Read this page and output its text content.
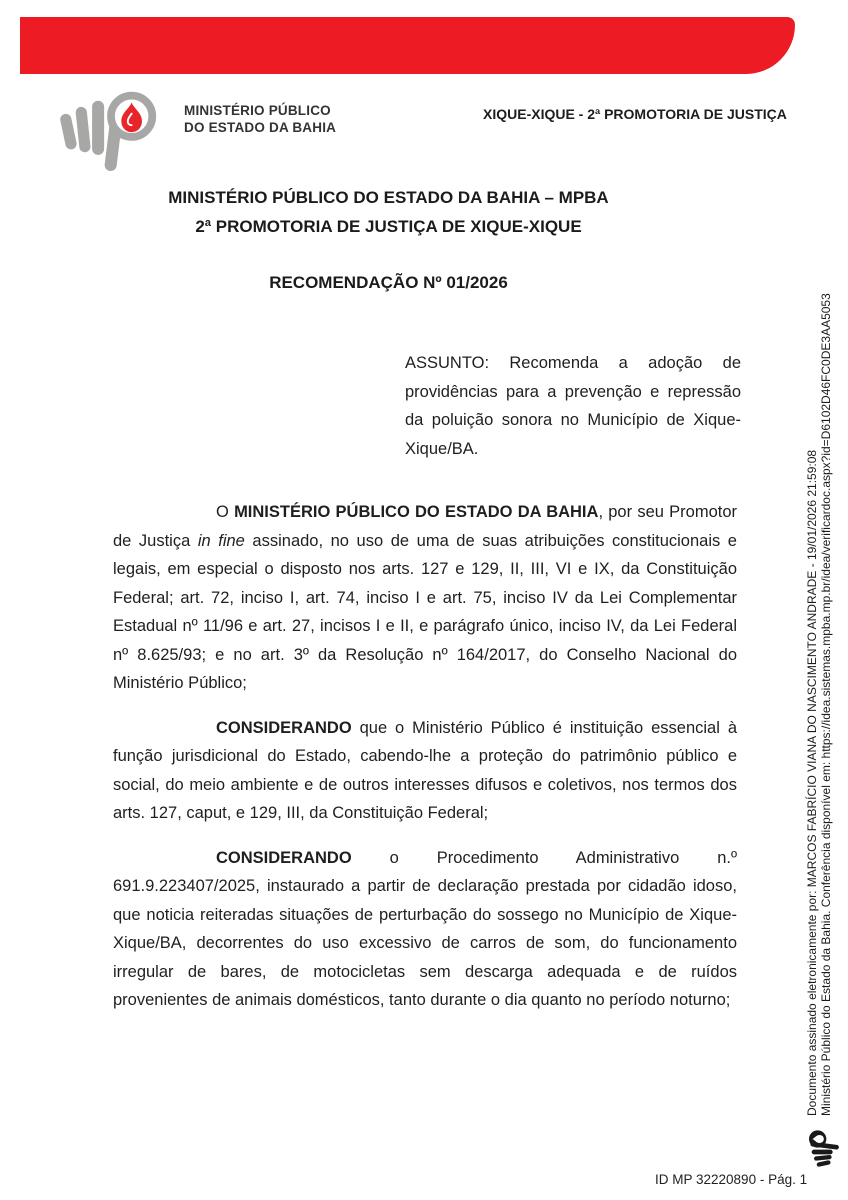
MINISTÉRIO PÚBLICO
DO ESTADO DA BAHIA
XIQUE-XIQUE - 2ª PROMOTORIA DE JUSTIÇA
MINISTÉRIO PÚBLICO DO ESTADO DA BAHIA – MPBA
2ª PROMOTORIA DE JUSTIÇA DE XIQUE-XIQUE
RECOMENDAÇÃO Nº 01/2026
ASSUNTO: Recomenda a adoção de providências para a prevenção e repressão da poluição sonora no Município de Xique-Xique/BA.

O MINISTÉRIO PÚBLICO DO ESTADO DA BAHIA, por seu Promotor de Justiça in fine assinado, no uso de uma de suas atribuições constitucionais e legais, em especial o disposto nos arts. 127 e 129, II, III, VI e IX, da Constituição Federal; art. 72, inciso I, art. 74, inciso I e art. 75, inciso IV da Lei Complementar Estadual nº 11/96 e art. 27, incisos I e II, e parágrafo único, inciso IV, da Lei Federal nº 8.625/93; e no art. 3º da Resolução nº 164/2017, do Conselho Nacional do Ministério Público;

CONSIDERANDO que o Ministério Público é instituição essencial à função jurisdicional do Estado, cabendo-lhe a proteção do patrimônio público e social, do meio ambiente e de outros interesses difusos e coletivos, nos termos dos arts. 127, caput, e 129, III, da Constituição Federal;

CONSIDERANDO o Procedimento Administrativo n.º 691.9.223407/2025, instaurado a partir de declaração prestada por cidadão idoso, que noticia reiteradas situações de perturbação do sossego no Município de Xique-Xique/BA, decorrentes do uso excessivo de carros de som, do funcionamento irregular de bares, de motocicletas sem descarga adequada e de ruídos provenientes de animais domésticos, tanto durante o dia quanto no período noturno;	Documento assinado eletronicamente por: MARCOS FABRÍCIO VIANA DO NASCIMENTO ANDRADE - 19/01/2026 21:59:08 Ministério Público do Estado da Bahia. Conferência disponível em: https://idea.sistemas.mpba.mp.br/idea/verificardoc.aspx?id=D6102D46FC0DE3AA5053
ID MP 32220890 - Pág. 1
